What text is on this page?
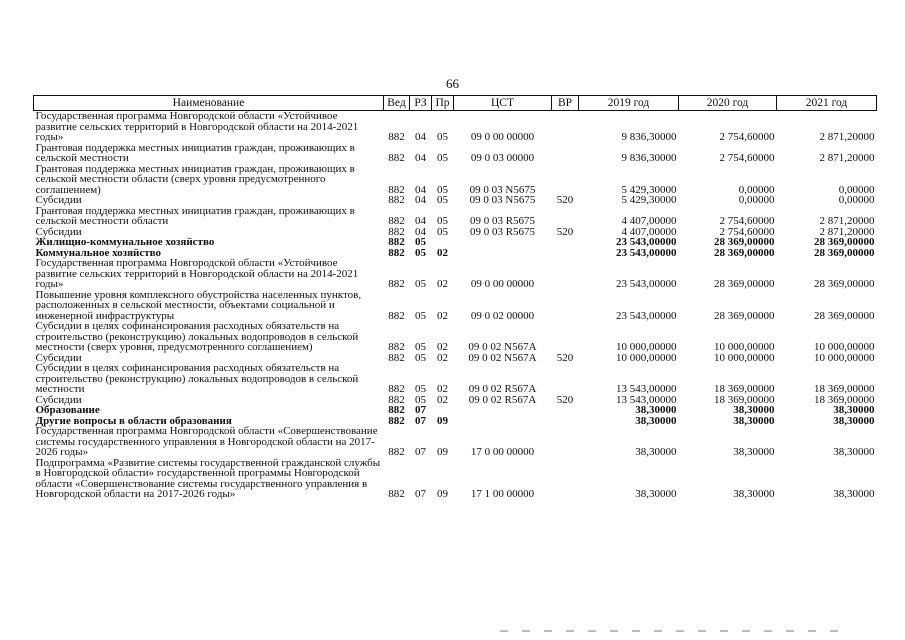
66
Наименование	Вед	РЗ	Пр	ЦСТ	ВР	2019 год	2020 год	2021 год
Государственная программа Новгородской области «Устойчивое развитие сельских территорий в Новгородской области на 2014-2021 годы»	882	04	05	09 0 00 00000		9 836,30000	2 754,60000	2 871,20000
Грантовая поддержка местных инициатив граждан, проживающих в сельской местности	882	04	05	09 0 03 00000		9 836,30000	2 754,60000	2 871,20000
Грантовая поддержка местных инициатив граждан, проживающих в сельской местности области (сверх уровня предусмотренного соглашением)	882	04	05	09 0 03 N5675		5 429,30000	0,00000	0,00000
Субсидии	882	04	05	09 0 03 N5675	520	5 429,30000	0,00000	0,00000
Грантовая поддержка местных инициатив граждан, проживающих в сельской местности области	882	04	05	09 0 03 R5675		4 407,00000	2 754,60000	2 871,20000
Субсидии	882	04	05	09 0 03 R5675	520	4 407,00000	2 754,60000	2 871,20000
Жилищно-коммунальное хозяйство	882	05				23 543,00000	28 369,00000	28 369,00000
Коммунальное хозяйство	882	05	02			23 543,00000	28 369,00000	28 369,00000
Государственная программа Новгородской области «Устойчивое развитие сельских территорий в Новгородской области на 2014-2021 годы»	882	05	02	09 0 00 00000		23 543,00000	28 369,00000	28 369,00000
Повышение уровня комплексного обустройства населенных пунктов, расположенных в сельской местности, объектами социальной и инженерной инфраструктуры	882	05	02	09 0 02 00000		23 543,00000	28 369,00000	28 369,00000
Субсидии в целях софинансирования расходных обязательств на строительство (реконструкцию) локальных водопроводов в сельской местности (сверх уровня, предусмотренного соглашением)	882	05	02	09 0 02 N567A		10 000,00000	10 000,00000	10 000,00000
Субсидии	882	05	02	09 0 02 N567A	520	10 000,00000	10 000,00000	10 000,00000
Субсидии в целях софинансирования расходных обязательств на строительство (реконструкцию) локальных водопроводов в сельской местности	882	05	02	09 0 02 R567A		13 543,00000	18 369,00000	18 369,00000
Субсидии	882	05	02	09 0 02 R567A	520	13 543,00000	18 369,00000	18 369,00000
Образование	882	07				38,30000	38,30000	38,30000
Другие вопросы в области образования	882	07	09			38,30000	38,30000	38,30000
Государственная программа Новгородской области «Совершенствование системы государственного управления в Новгородской области на 2017-2026 годы»	882	07	09	17 0 00 00000		38,30000	38,30000	38,30000
Подпрограмма «Развитие системы государственной гражданской службы в Новгородской области» государственной программы Новгородской области «Совершенствование системы государственного управления в Новгородской области на 2017-2026 годы»	882	07	09	17 1 00 00000		38,30000	38,30000	38,30000
